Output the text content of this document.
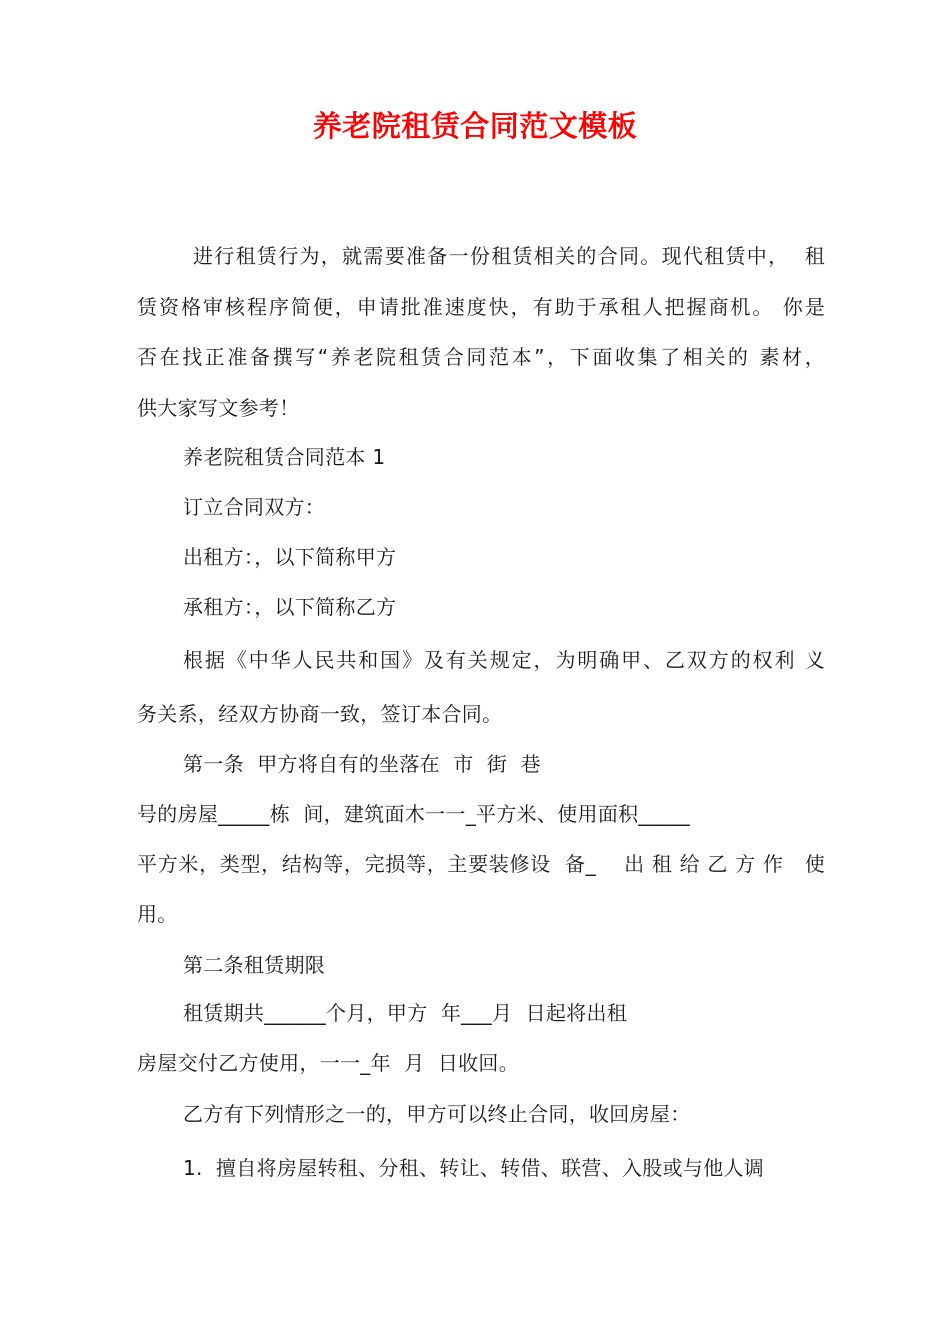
养老院租赁合同范文模板
进行租赁行为，就需要准备一份租赁相关的合同。现代租赁中，  租
赁资格审核程序简便，申请批准速度快，有助于承租人把握商机。 你是
否在找正准备撰写“养老院租赁合同范本”，下面收集了相关的 素材，
供大家写文参考！
养老院租赁合同范本 1
订立合同双方：
出租方：，以下简称甲方
承租方：，以下简称乙方
根据《中华人民共和国》及有关规定，为明确甲、乙双方的权利 义
务关系，经双方协商一致，签订本合同。
第一条  甲方将自有的坐落在  市  街  巷
号的房屋_____栋  间，建筑面木一一_平方米、使用面积_____
平方米，类型，结构等，完损等，主要装修设  备_    出 租 给 乙 方 作   使
用。
第二条租赁期限
租赁期共______个月，甲方  年___月  日起将出租
房屋交付乙方使用，一一_年  月  日收回。
乙方有下列情形之一的，甲方可以终止合同，收回房屋：
1.  擅自将房屋转租、分租、转让、转借、联营、入股或与他人调
